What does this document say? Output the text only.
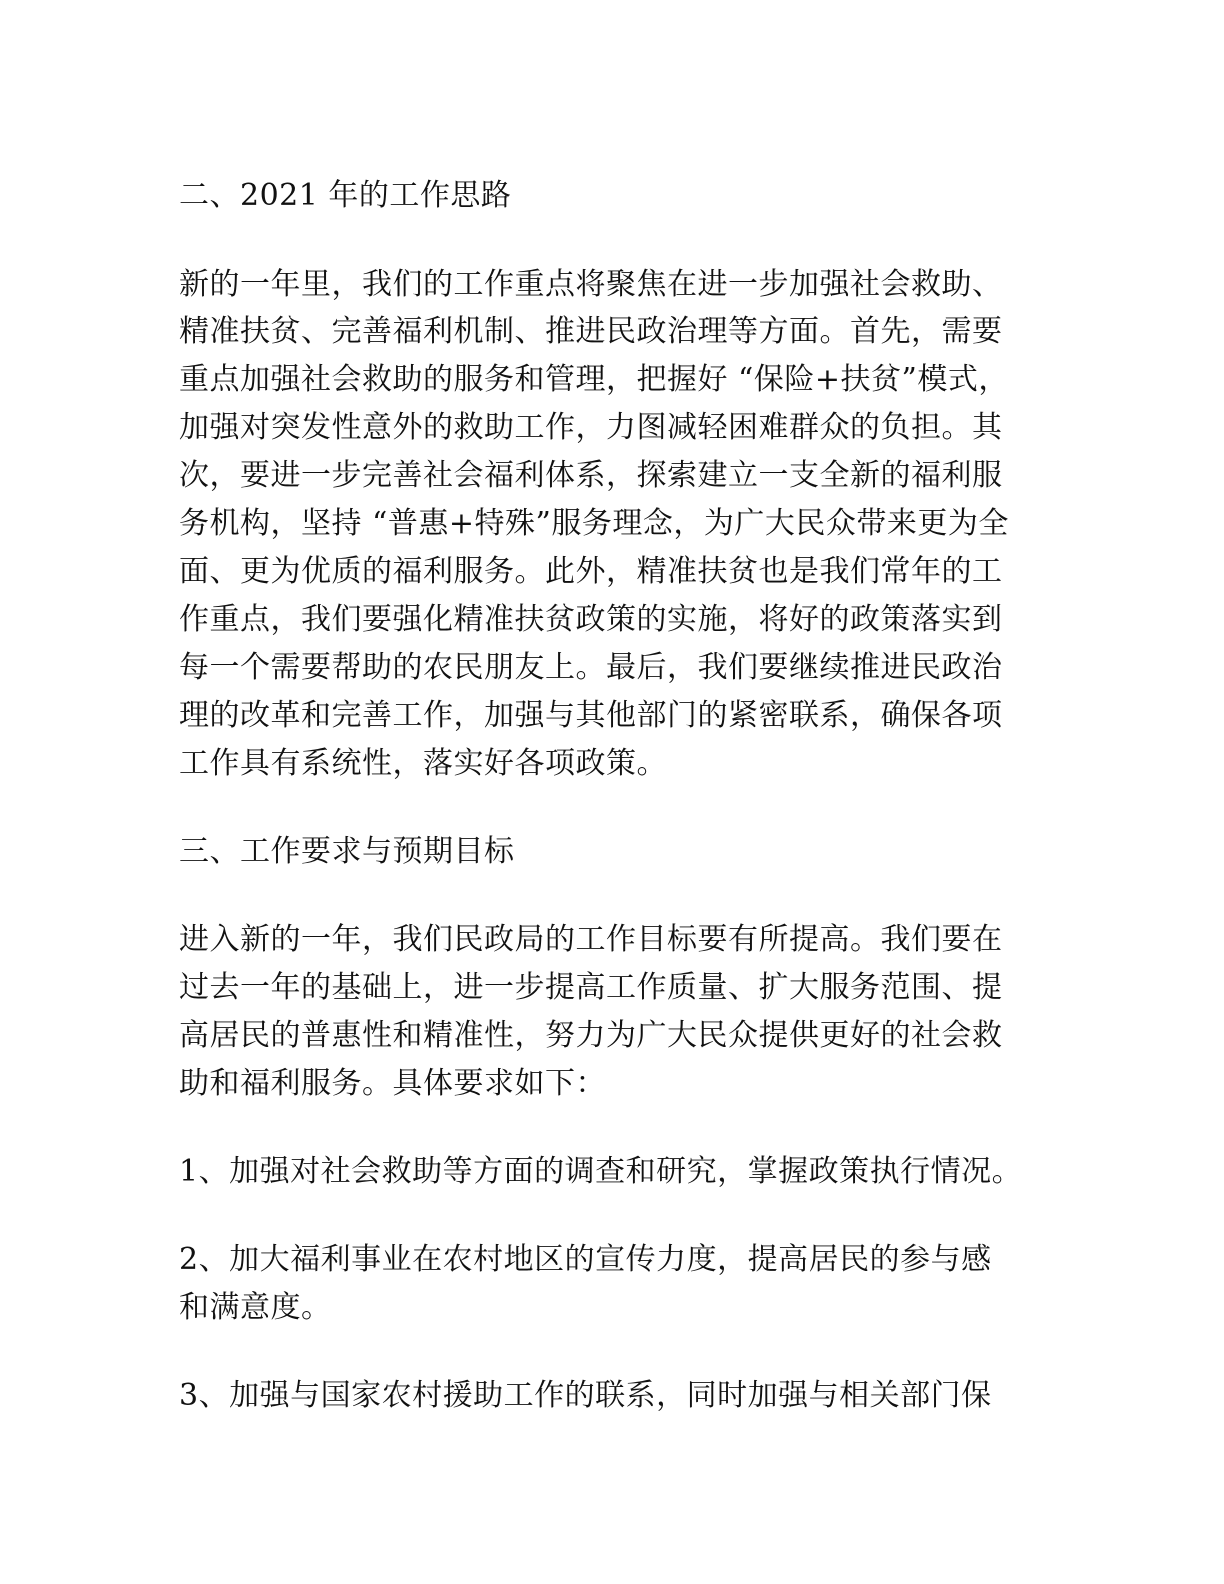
二、2021 年的工作思路
新的一年里，我们的工作重点将聚焦在进一步加强社会救助、
精准扶贫、完善福利机制、推进民政治理等方面。首先，需要
重点加强社会救助的服务和管理，把握好 “保险+扶贫”模式，
加强对突发性意外的救助工作，力图减轻困难群众的负担。其
次，要进一步完善社会福利体系，探索建立一支全新的福利服
务机构，坚持 “普惠+特殊”服务理念，为广大民众带来更为全
面、更为优质的福利服务。此外，精准扶贫也是我们常年的工
作重点，我们要强化精准扶贫政策的实施，将好的政策落实到
每一个需要帮助的农民朋友上。最后，我们要继续推进民政治
理的改革和完善工作，加强与其他部门的紧密联系，确保各项
工作具有系统性，落实好各项政策。
三、工作要求与预期目标
进入新的一年，我们民政局的工作目标要有所提高。我们要在
过去一年的基础上，进一步提高工作质量、扩大服务范围、提
高居民的普惠性和精准性，努力为广大民众提供更好的社会救
助和福利服务。具体要求如下：
1、加强对社会救助等方面的调查和研究，掌握政策执行情况。
2、加大福利事业在农村地区的宣传力度，提高居民的参与感
和满意度。
3、加强与国家农村援助工作的联系，同时加强与相关部门保
